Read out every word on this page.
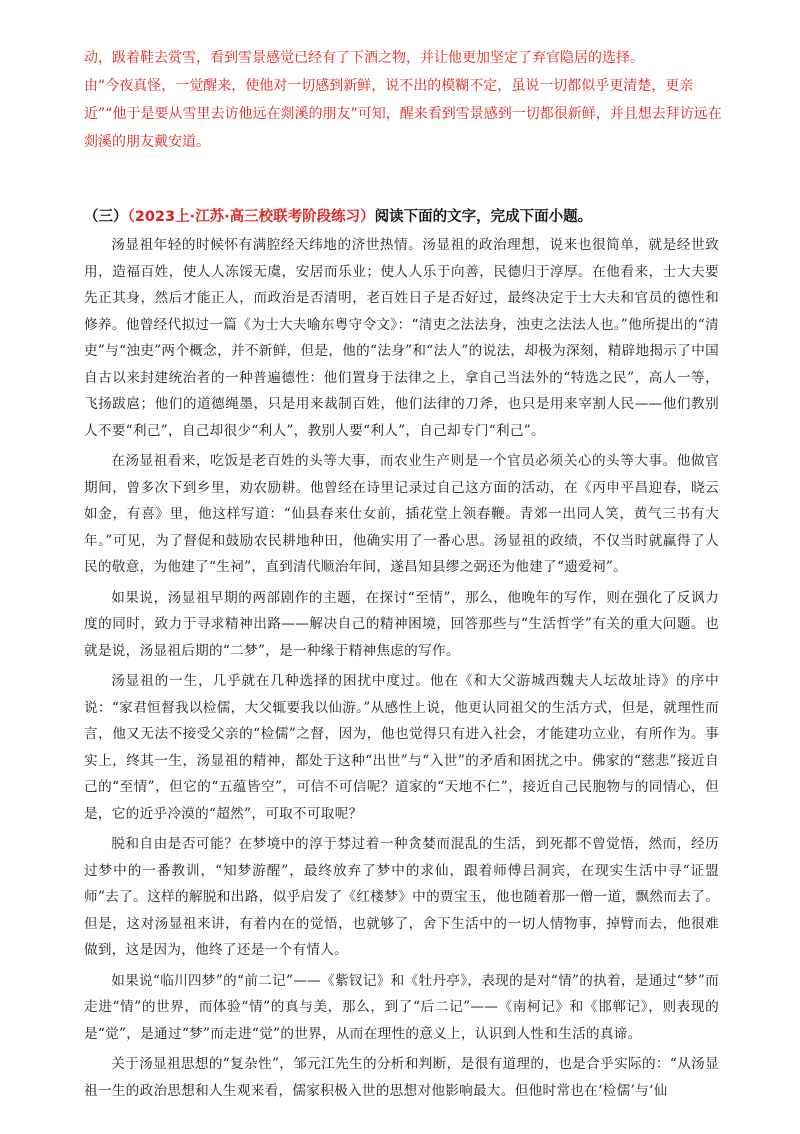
动，趿着鞋去赏雪，看到雪景感觉已经有了下酒之物，并让他更加坚定了弃官隐居的选择。
由“今夜真怪，一觉醒来，使他对一切感到新鲜，说不出的模糊不定，虽说一切都似乎更清楚，更亲近”“他于是要从雪里去访他远在剡溪的朋友”可知，醒来看到雪景感到一切都很新鲜，并且想去拜访远在剡溪的朋友戴安道。
（三）（2023上·江苏·高三校联考阶段练习）阅读下面的文字，完成下面小题。

汤显祖年轻的时候怀有满腔经天纬地的济世热情。汤显祖的政治理想，说来也很简单，就是经世致用，造福百姓，使人人冻馁无虞，安居而乐业；使人人乐于向善，民德归于淳厚。在他看来，士大夫要先正其身，然后才能正人，而政治是否清明，老百姓日子是否好过，最终决定于士大夫和官员的德性和修养。他曾经代拟过一篇《为士大夫喻东粤守令文》：“清吏之法法身，浊吏之法法人也。”他所提出的“清吏”与“浊吏”两个概念，并不新鲜，但是，他的“法身”和“法人”的说法，却极为深刻，精辟地揭示了中国自古以来封建统治者的一种普遍德性：他们置身于法律之上，拿自己当法外的“特选之民”，高人一等，飞扬跋扈；他们的道德绳墨，只是用来裁制百姓，他们法律的刀斧，也只是用来宰割人民——他们教别人不要“利己”，自己却很少“利人”，教别人要“利人”，自己却专门“利己”。

在汤显祖看来，吃饭是老百姓的头等大事，而农业生产则是一个官员必须关心的头等大事。他做官期间，曾多次下到乡里，劝农励耕。他曾经在诗里记录过自己这方面的活动，在《丙申平昌迎春，晓云如金，有喜》里，他这样写道：“仙县春来仕女前，插花堂上领春鞭。青郊一出同人笑，黄气三书有大年。”可见，为了督促和鼓励农民耕地种田，他确实用了一番心思。汤显祖的政绩，不仅当时就赢得了人民的敬意，为他建了“生祠”，直到清代顺治年间，遂昌知县缪之弼还为他建了“遗爱祠”。

如果说，汤显祖早期的两部剧作的主题，在探讨“至情”，那么，他晚年的写作，则在强化了反讽力度的同时，致力于寻求精神出路——解决自己的精神困境，回答那些与“生活哲学”有关的重大问题。也就是说，汤显祖后期的“二梦”，是一种缘于精神焦虑的写作。

汤显祖的一生，几乎就在几种选择的困扰中度过。他在《和大父游城西魏夫人坛故址诗》的序中说：“家君恒督我以检儒，大父辄要我以仙游。”从感性上说，他更认同祖父的生活方式，但是，就理性而言，他又无法不接受父亲的“检儒”之督，因为，他也觉得只有进入社会，才能建功立业，有所作为。事实上，终其一生，汤显祖的精神，都处于这种“出世”与“入世”的矛盾和困扰之中。佛家的“慈悲”接近自己的“至情”，但它的“五蕴皆空”，可信不可信呢？道家的“天地不仁”，接近自己民胞物与的同情心，但是，它的近乎冷漠的“超然”，可取不可取呢？

脱和自由是否可能？在梦境中的淳于棼过着一种贪婪而混乱的生活，到死都不曾觉悟，然而，经历过梦中的一番教训，“知梦游醒”，最终放弃了梦中的求仙，跟着师傅吕洞宾，在现实生活中寻“证盟师”去了。这样的解脱和出路，似乎启发了《红楼梦》中的贾宝玉，他也随着那一僧一道，飘然而去了。但是，这对汤显祖来讲，有着内在的觉悟，也就够了，舍下生活中的一切人情物事，掉臂而去，他很难做到，这是因为，他终了还是一个有情人。

如果说“临川四梦”的“前二记”——《紫钗记》和《牡丹亭》，表现的是对“情”的执着，是通过“梦”而走进“情”的世界，而体验“情”的真与美，那么，到了“后二记”——《南柯记》和《邯郸记》，则表现的是“觉”，是通过“梦”而走进“觉”的世界，从而在理性的意义上，认识到人性和生活的真谛。

关于汤显祖思想的“复杂性”，邹元江先生的分析和判断，是很有道理的，也是合乎实际的：“从汤显祖一生的政治思想和人生观来看，儒家积极入世的思想对他影响最大。但他时常也在‘检儒’与‘仙
